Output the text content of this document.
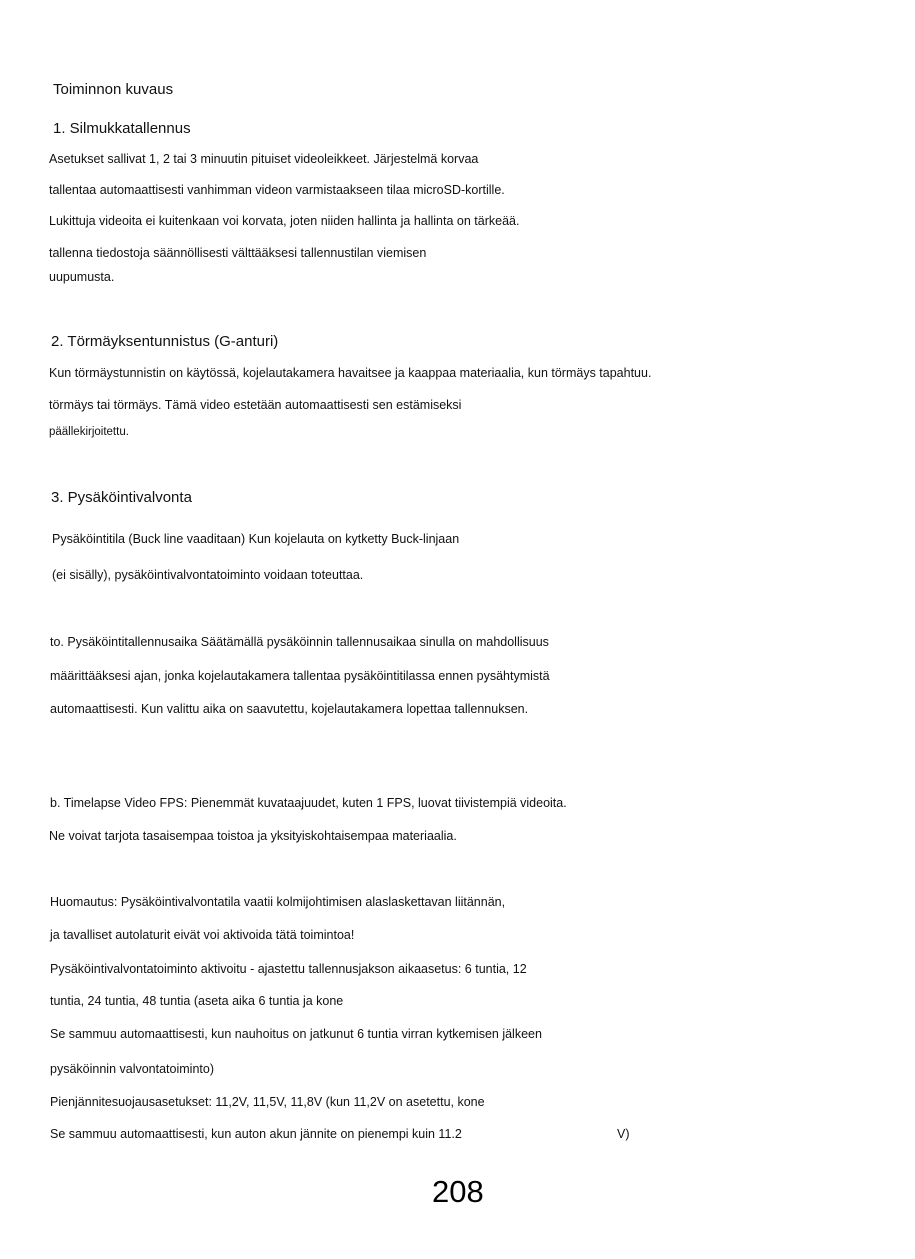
Toiminnon kuvaus
1. Silmukkatallennus
Asetukset sallivat 1, 2 tai 3 minuutin pituiset videoleikkeet. Järjestelmä korvaa
tallentaa automaattisesti vanhimman videon varmistaakseen tilaa microSD-kortille.
Lukittuja videoita ei kuitenkaan voi korvata, joten niiden hallinta ja hallinta on tärkeää.
tallenna tiedostoja säännöllisesti välttääksesi tallennustilan viemisen
uupumusta.
2. Törmäyksentunnistus (G-anturi)
Kun törmäystunnistin on käytössä, kojelautakamera havaitsee ja kaappaa materiaalia, kun törmäys tapahtuu.
törmäys tai törmäys. Tämä video estetään automaattisesti sen estämiseksi
päällekirjoitettu.
3. Pysäköintivalvonta
Pysäköintitila (Buck line vaaditaan) Kun kojelauta on kytketty Buck-linjaan
(ei sisälly), pysäköintivalvontatoiminto voidaan toteuttaa.
to. Pysäköintitallennusaika Säätämällä pysäköinnin tallennusaikaa sinulla on mahdollisuus
määrittääksesi ajan, jonka kojelautakamera tallentaa pysäköintitilassa ennen pysähtymistä
automaattisesti. Kun valittu aika on saavutettu, kojelautakamera lopettaa tallennuksen.
b. Timelapse Video FPS: Pienemmät kuvataajuudet, kuten 1 FPS, luovat tiivistempiä videoita.
Ne voivat tarjota tasaisempaa toistoa ja yksityiskohtaisempaa materiaalia.
Huomautus: Pysäköintivalvontatila vaatii kolmijohtimisen alaslaskettavan liitännän,
ja tavalliset autolaturit eivät voi aktivoida tätä toimintoa!
Pysäköintivalvontatoiminto aktivoitu - ajastettu tallennusjakson aikaasetus: 6 tuntia, 12
tuntia, 24 tuntia, 48 tuntia (aseta aika 6 tuntia ja kone
Se sammuu automaattisesti, kun nauhoitus on jatkunut 6 tuntia virran kytkemisen jälkeen
pysäköinnin valvontatoiminto)
Pienjännitesuojausasetukset: 11,2V, 11,5V, 11,8V (kun 11,2V on asetettu, kone
Se sammuu automaattisesti, kun auton akun jännite on pienempi kuin 11.2	V)
208
